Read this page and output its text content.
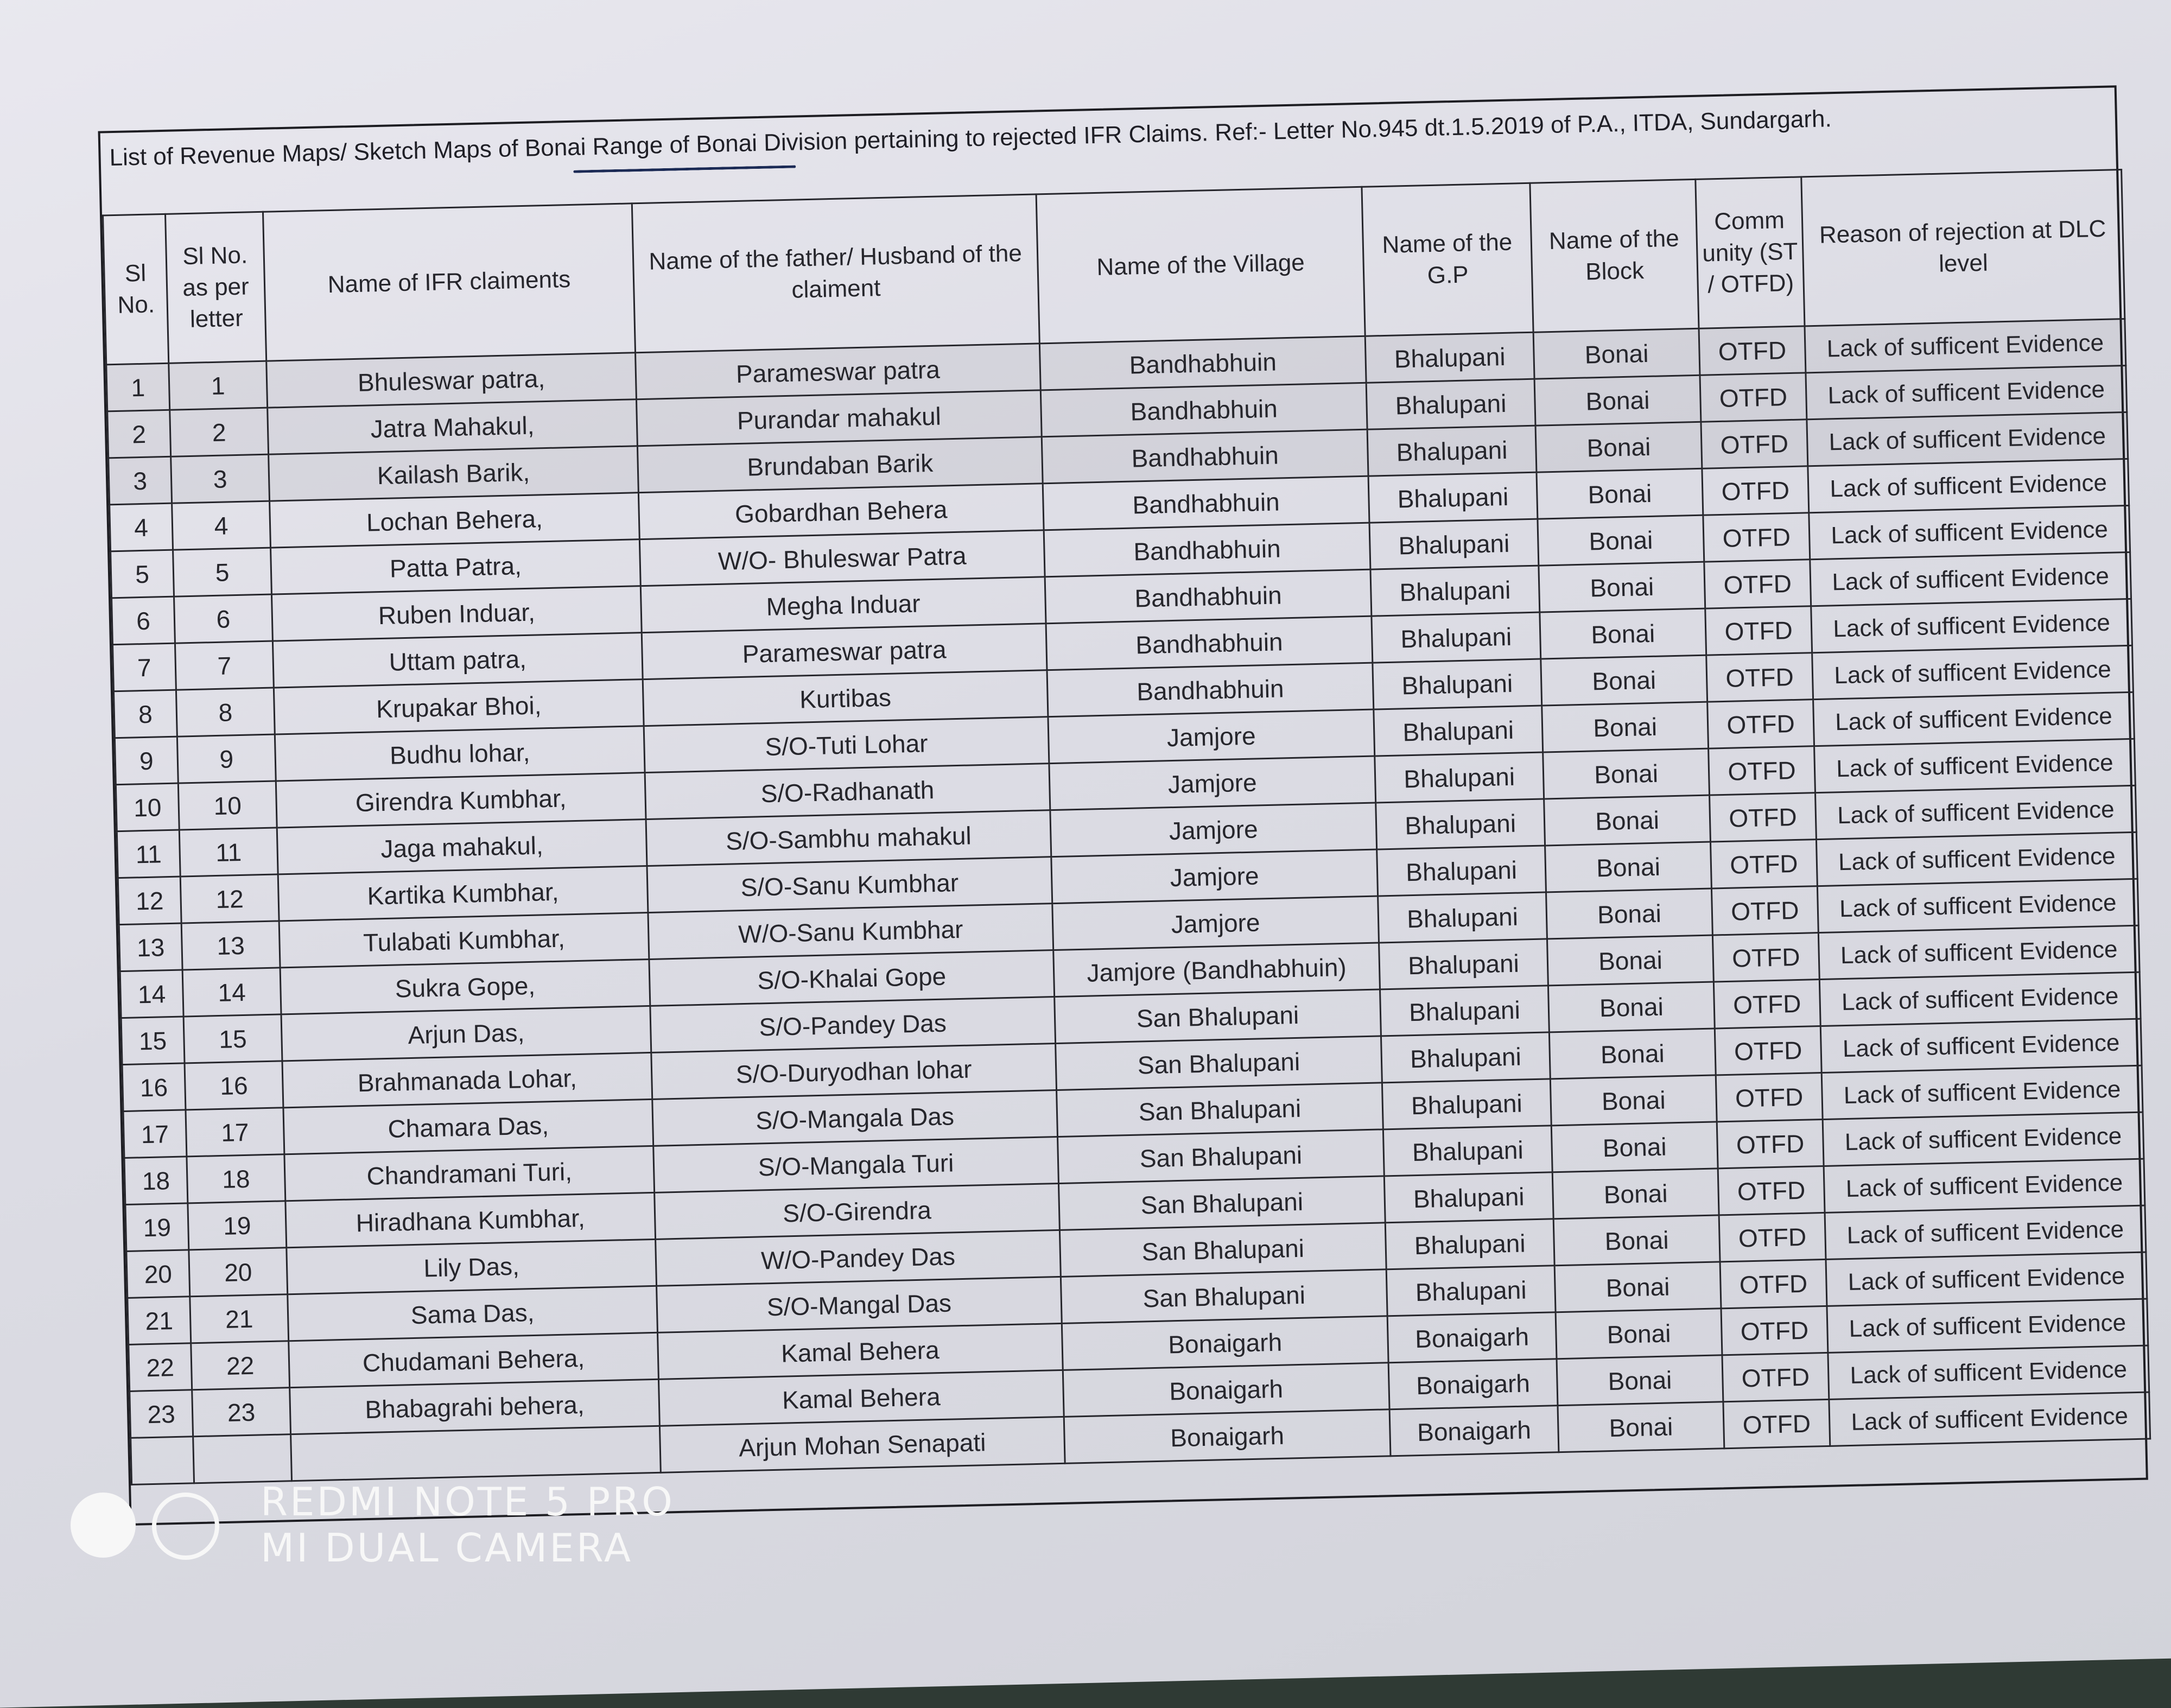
List of Revenue Maps/ Sketch Maps of Bonai Range of Bonai Division pertaining to rejected IFR Claims. Ref:- Letter No.945 dt.1.5.2019 of P.A., ITDA, Sundargarh.
Sl No.	Sl No. as per letter	Name of IFR claiments	Name of the father/ Husband of the claiment	Name of the Village	Name of the G.P	Name of the Block	Comm unity (ST / OTFD)	Reason of rejection at DLC level
1	1	Bhuleswar patra,	Parameswar patra	Bandhabhuin	Bhalupani	Bonai	OTFD	Lack of sufficent Evidence
2	2	Jatra Mahakul,	Purandar mahakul	Bandhabhuin	Bhalupani	Bonai	OTFD	Lack of sufficent Evidence
3	3	Kailash Barik,	Brundaban Barik	Bandhabhuin	Bhalupani	Bonai	OTFD	Lack of sufficent Evidence
4	4	Lochan Behera,	Gobardhan Behera	Bandhabhuin	Bhalupani	Bonai	OTFD	Lack of sufficent Evidence
5	5	Patta Patra,	W/O- Bhuleswar Patra	Bandhabhuin	Bhalupani	Bonai	OTFD	Lack of sufficent Evidence
6	6	Ruben Induar,	Megha Induar	Bandhabhuin	Bhalupani	Bonai	OTFD	Lack of sufficent Evidence
7	7	Uttam patra,	Parameswar patra	Bandhabhuin	Bhalupani	Bonai	OTFD	Lack of sufficent Evidence
8	8	Krupakar Bhoi,	Kurtibas	Bandhabhuin	Bhalupani	Bonai	OTFD	Lack of sufficent Evidence
9	9	Budhu lohar,	S/O-Tuti Lohar	Jamjore	Bhalupani	Bonai	OTFD	Lack of sufficent Evidence
10	10	Girendra Kumbhar,	S/O-Radhanath	Jamjore	Bhalupani	Bonai	OTFD	Lack of sufficent Evidence
11	11	Jaga mahakul,	S/O-Sambhu mahakul	Jamjore	Bhalupani	Bonai	OTFD	Lack of sufficent Evidence
12	12	Kartika Kumbhar,	S/O-Sanu Kumbhar	Jamjore	Bhalupani	Bonai	OTFD	Lack of sufficent Evidence
13	13	Tulabati Kumbhar,	W/O-Sanu Kumbhar	Jamjore	Bhalupani	Bonai	OTFD	Lack of sufficent Evidence
14	14	Sukra Gope,	S/O-Khalai Gope	Jamjore (Bandhabhuin)	Bhalupani	Bonai	OTFD	Lack of sufficent Evidence
15	15	Arjun Das,	S/O-Pandey Das	San Bhalupani	Bhalupani	Bonai	OTFD	Lack of sufficent Evidence
16	16	Brahmanada Lohar,	S/O-Duryodhan lohar	San Bhalupani	Bhalupani	Bonai	OTFD	Lack of sufficent Evidence
17	17	Chamara Das,	S/O-Mangala Das	San Bhalupani	Bhalupani	Bonai	OTFD	Lack of sufficent Evidence
18	18	Chandramani Turi,	S/O-Mangala Turi	San Bhalupani	Bhalupani	Bonai	OTFD	Lack of sufficent Evidence
19	19	Hiradhana Kumbhar,	S/O-Girendra	San Bhalupani	Bhalupani	Bonai	OTFD	Lack of sufficent Evidence
20	20	Lily Das,	W/O-Pandey Das	San Bhalupani	Bhalupani	Bonai	OTFD	Lack of sufficent Evidence
21	21	Sama Das,	S/O-Mangal Das	San Bhalupani	Bhalupani	Bonai	OTFD	Lack of sufficent Evidence
22	22	Chudamani Behera,	Kamal Behera	Bonaigarh	Bonaigarh	Bonai	OTFD	Lack of sufficent Evidence
23	23	Bhabagrahi behera,	Kamal Behera	Bonaigarh	Bonaigarh	Bonai	OTFD	Lack of sufficent Evidence
			Arjun Mohan Senapati	Bonaigarh	Bonaigarh	Bonai	OTFD	Lack of sufficent Evidence
REDMI NOTE 5 PRO
MI DUAL CAMERA
